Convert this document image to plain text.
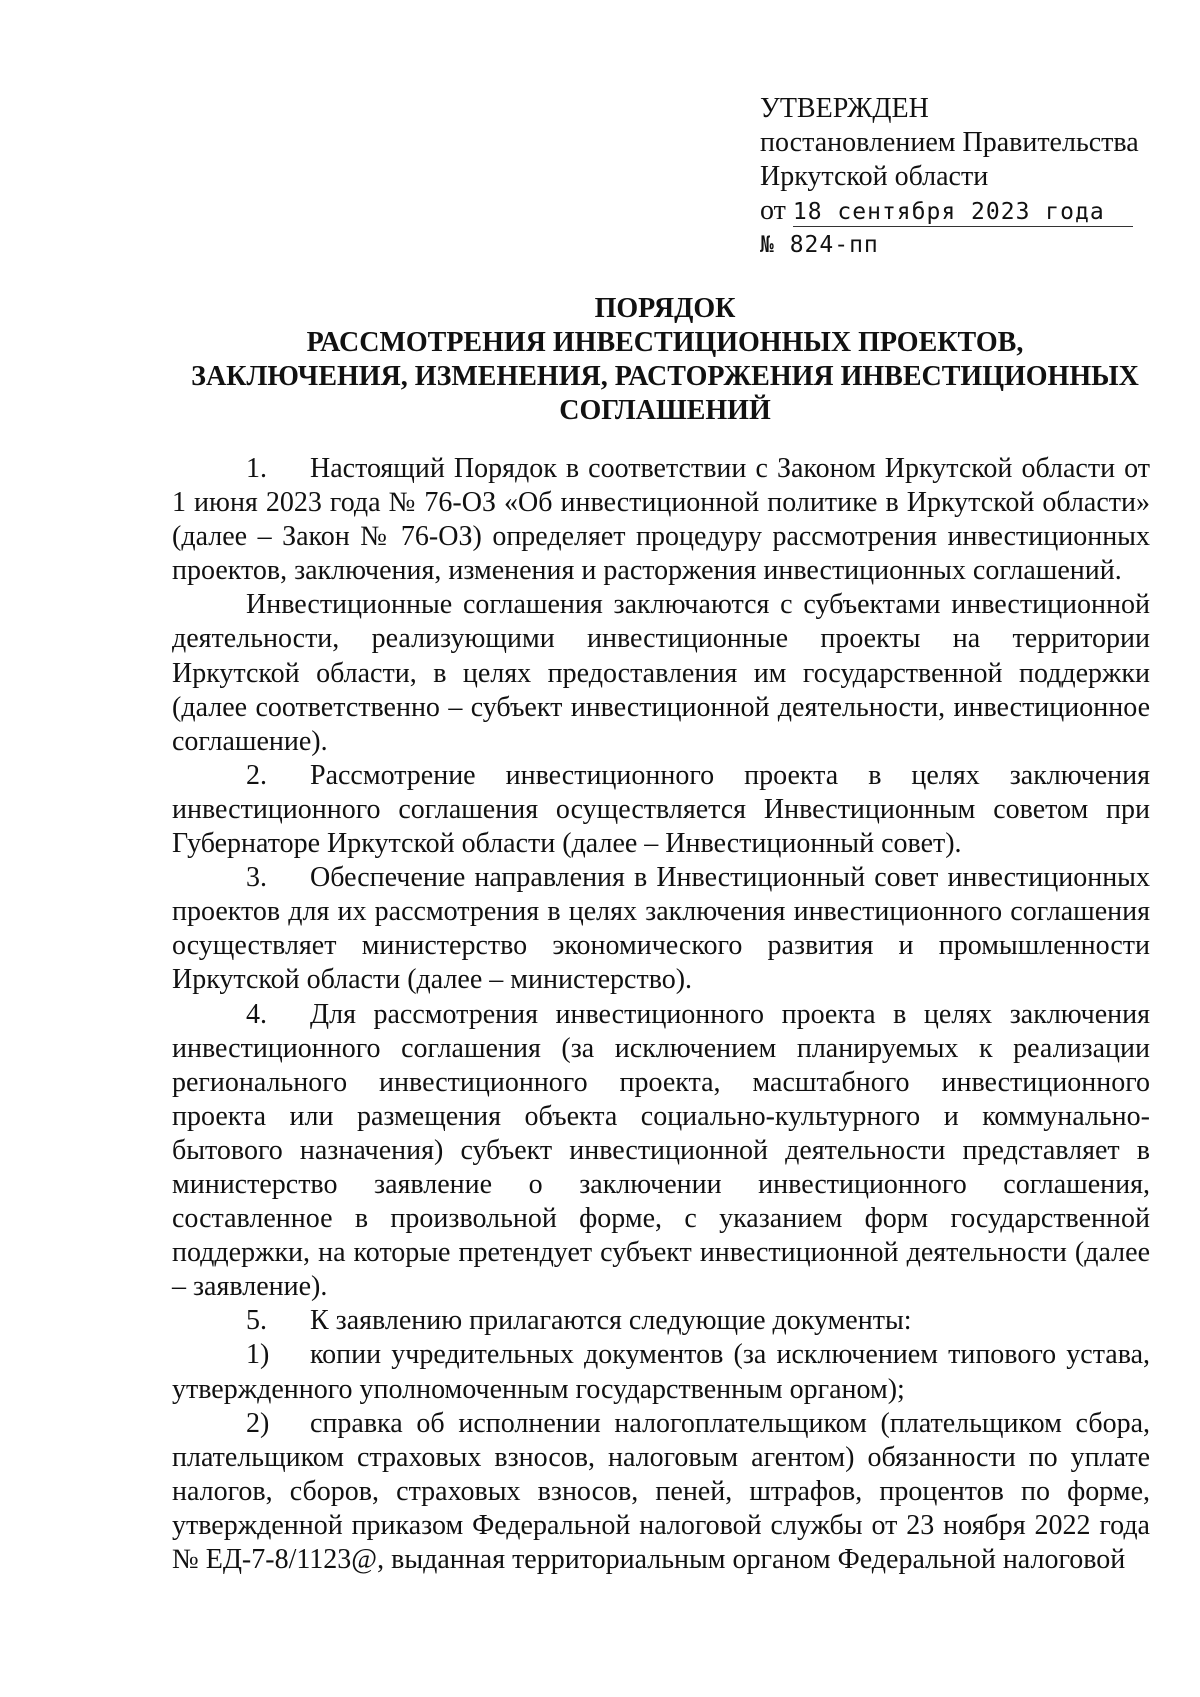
УТВЕРЖДЕН
постановлением Правительства
Иркутской области
от 18 сентября 2023 года
№ 824-пп
ПОРЯДОК
РАССМОТРЕНИЯ ИНВЕСТИЦИОННЫХ ПРОЕКТОВ,
ЗАКЛЮЧЕНИЯ, ИЗМЕНЕНИЯ, РАСТОРЖЕНИЯ ИНВЕСТИЦИОННЫХ
СОГЛАШЕНИЙ

1. Настоящий Порядок в соответствии с Законом Иркутской области от 1 июня 2023 года № 76-ОЗ «Об инвестиционной политике в Иркутской области» (далее – Закон № 76-ОЗ) определяет процедуру рассмотрения инвестиционных проектов, заключения, изменения и расторжения инвестиционных соглашений.

Инвестиционные соглашения заключаются с субъектами инвестиционной деятельности, реализующими инвестиционные проекты на территории Иркутской области, в целях предоставления им государственной поддержки (далее соответственно – субъект инвестиционной деятельности, инвестиционное соглашение).

2. Рассмотрение инвестиционного проекта в целях заключения инвестиционного соглашения осуществляется Инвестиционным советом при Губернаторе Иркутской области (далее – Инвестиционный совет).

3. Обеспечение направления в Инвестиционный совет инвестиционных проектов для их рассмотрения в целях заключения инвестиционного соглашения осуществляет министерство экономического развития и промышленности Иркутской области (далее – министерство).

4. Для рассмотрения инвестиционного проекта в целях заключения инвестиционного соглашения (за исключением планируемых к реализации регионального инвестиционного проекта, масштабного инвестиционного проекта или размещения объекта социально-культурного и коммунально-бытового назначения) субъект инвестиционной деятельности представляет в министерство заявление о заключении инвестиционного соглашения, составленное в произвольной форме, с указанием форм государственной поддержки, на которые претендует субъект инвестиционной деятельности (далее – заявление).

5. К заявлению прилагаются следующие документы:

1) копии учредительных документов (за исключением типового устава, утвержденного уполномоченным государственным органом);

2) справка об исполнении налогоплательщиком (плательщиком сбора, плательщиком страховых взносов, налоговым агентом) обязанности по уплате налогов, сборов, страховых взносов, пеней, штрафов, процентов по форме, утвержденной приказом Федеральной налоговой службы от 23 ноября 2022 года № ЕД-7-8/1123@, выданная территориальным органом Федеральной налоговой
